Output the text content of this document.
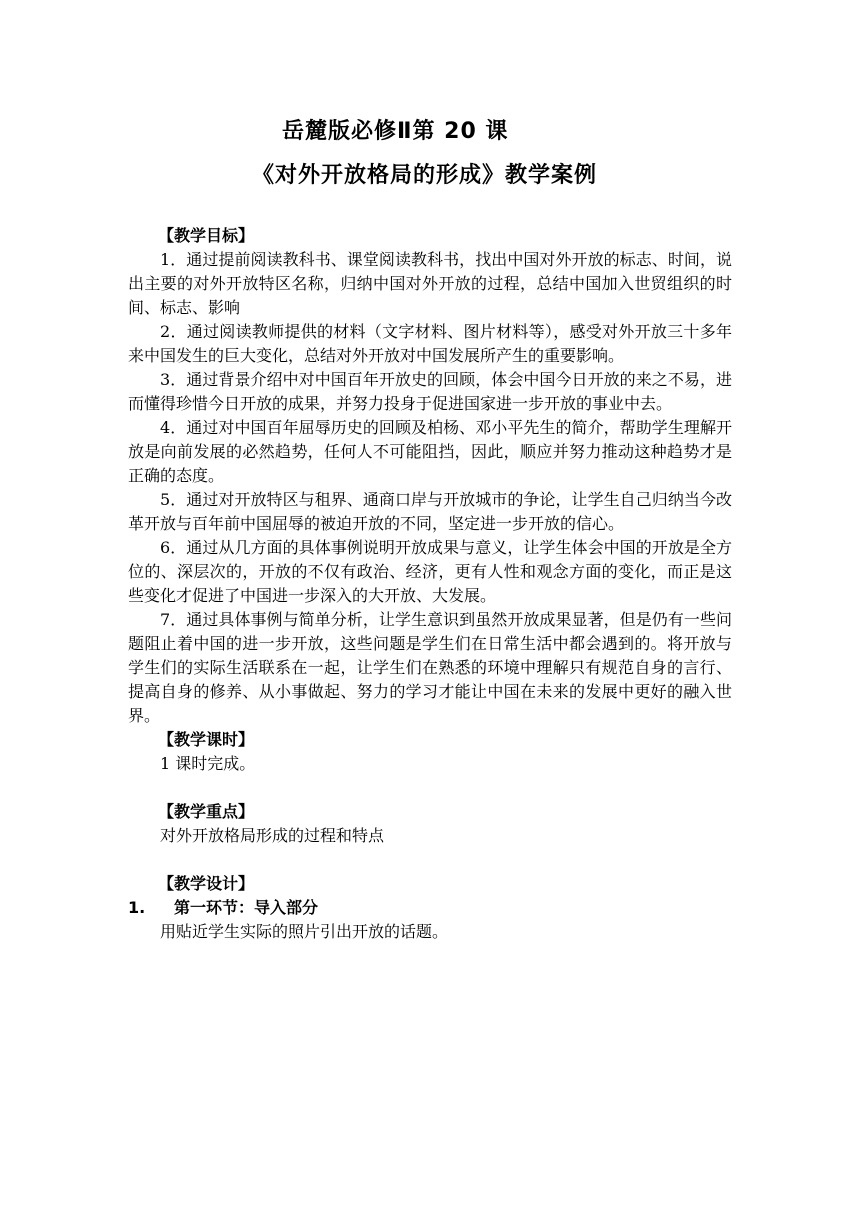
岳麓版必修Ⅱ第 20 课
《对外开放格局的形成》教学案例
【教学目标】

1．通过提前阅读教科书、课堂阅读教科书，找出中国对外开放的标志、时间，说出主要的对外开放特区名称，归纳中国对外开放的过程，总结中国加入世贸组织的时间、标志、影响

2．通过阅读教师提供的材料（文字材料、图片材料等），感受对外开放三十多年来中国发生的巨大变化，总结对外开放对中国发展所产生的重要影响。

3．通过背景介绍中对中国百年开放史的回顾，体会中国今日开放的来之不易，进而懂得珍惜今日开放的成果，并努力投身于促进国家进一步开放的事业中去。

4．通过对中国百年屈辱历史的回顾及柏杨、邓小平先生的简介，帮助学生理解开放是向前发展的必然趋势，任何人不可能阻挡，因此，顺应并努力推动这种趋势才是正确的态度。

5．通过对开放特区与租界、通商口岸与开放城市的争论，让学生自己归纳当今改革开放与百年前中国屈辱的被迫开放的不同，坚定进一步开放的信心。

6．通过从几方面的具体事例说明开放成果与意义，让学生体会中国的开放是全方位的、深层次的，开放的不仅有政治、经济，更有人性和观念方面的变化，而正是这些变化才促进了中国进一步深入的大开放、大发展。

7．通过具体事例与简单分析，让学生意识到虽然开放成果显著，但是仍有一些问题阻止着中国的进一步开放，这些问题是学生们在日常生活中都会遇到的。将开放与学生们的实际生活联系在一起，让学生们在熟悉的环境中理解只有规范自身的言行、提高自身的修养、从小事做起、努力的学习才能让中国在未来的发展中更好的融入世界。

【教学课时】
1 课时完成。
【教学重点】
对外开放格局形成的过程和特点
【教学设计】
1.	第一环节：导入部分
用贴近学生实际的照片引出开放的话题。
